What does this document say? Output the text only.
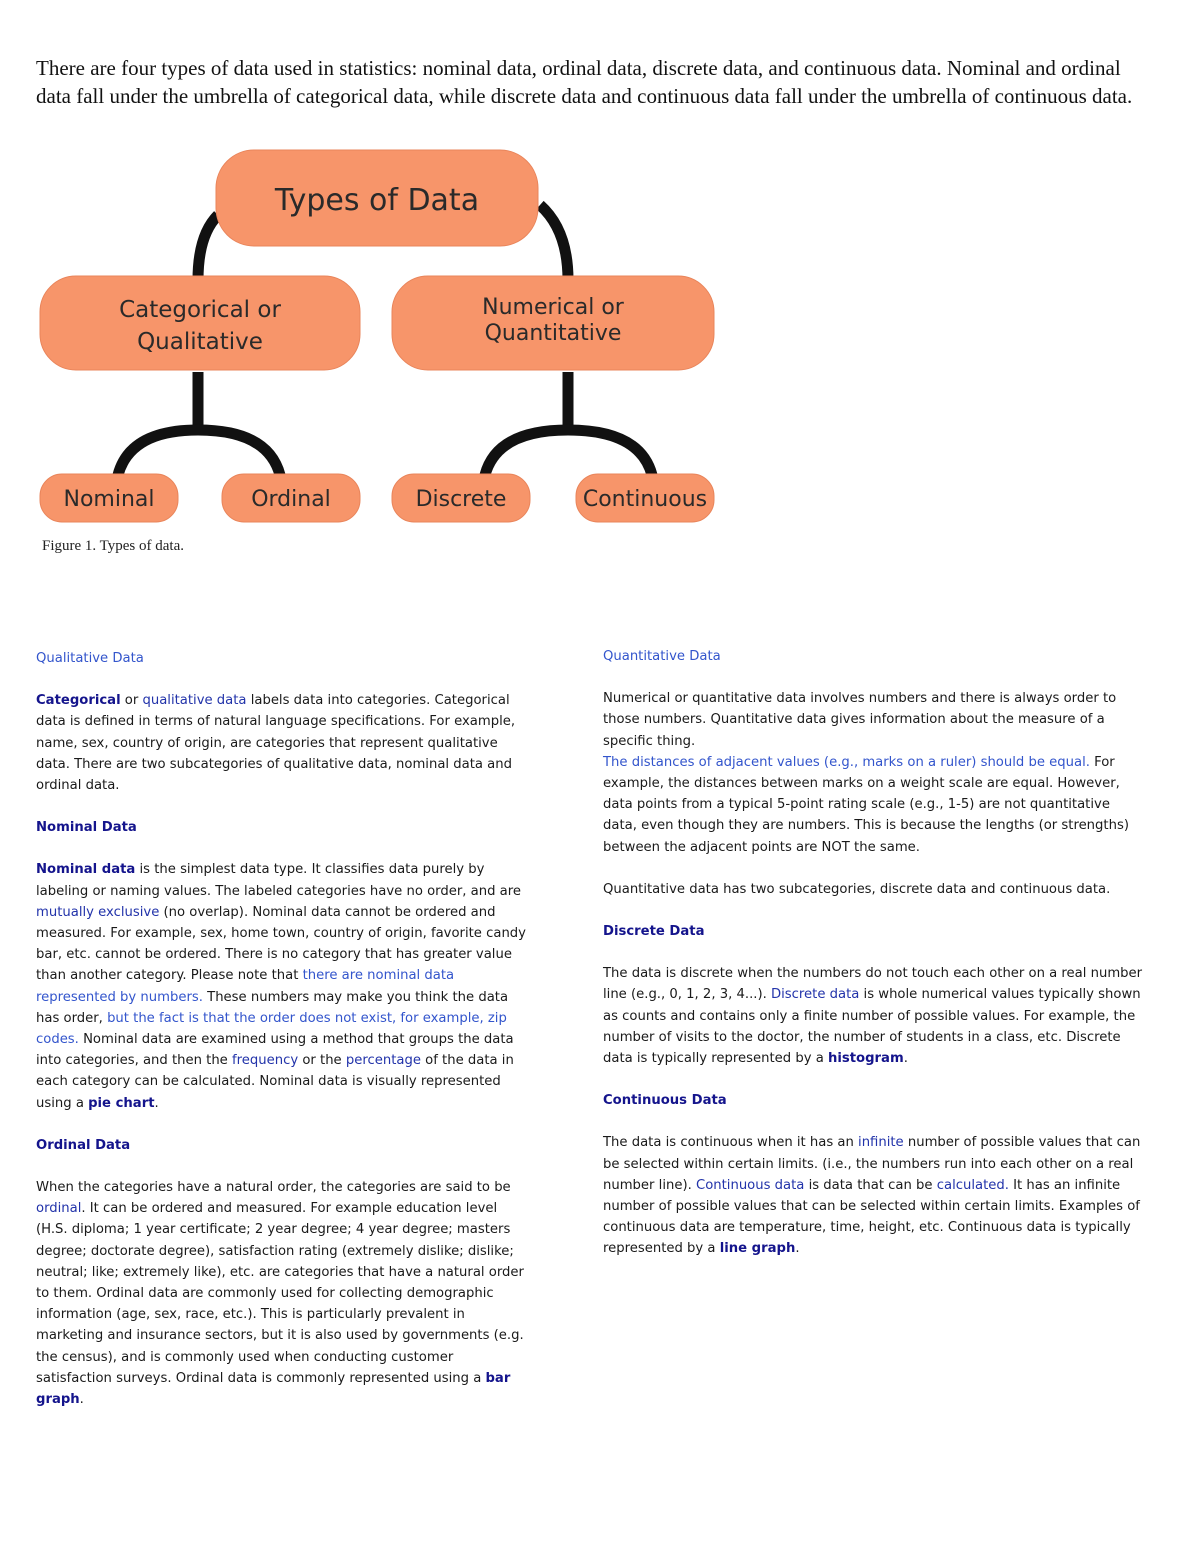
There are four types of data used in statistics: nominal data, ordinal data, discrete data, and continuous data. Nominal and ordinal data fall under the umbrella of categorical data, while discrete data and continuous data fall under the umbrella of continuous data.
Types of Data
Categorical or
Qualitative
Numerical or
Quantitative
Nominal	Ordinal	Discrete	Continuous
Figure 1. Types of data.

Qualitative Data

Categorical or qualitative data labels data into categories. Categorical data is defined in terms of natural language specifications. For example, name, sex, country of origin, are categories that represent qualitative data. There are two subcategories of qualitative data, nominal data and ordinal data.

Nominal Data

Nominal data is the simplest data type. It classifies data purely by labeling or naming values. The labeled categories have no order, and are mutually exclusive (no overlap). Nominal data cannot be ordered and measured. For example, sex, home town, country of origin, favorite candy bar, etc. cannot be ordered. There is no category that has greater value than another category. Please note that there are nominal data represented by numbers. These numbers may make you think the data has order, but the fact is that the order does not exist, for example, zip codes. Nominal data are examined using a method that groups the data into categories, and then the frequency or the percentage of the data in each category can be calculated. Nominal data is visually represented using a pie chart.

Ordinal Data

When the categories have a natural order, the categories are said to be ordinal. It can be ordered and measured. For example education level (H.S. diploma; 1 year certificate; 2 year degree; 4 year degree; masters degree; doctorate degree), satisfaction rating (extremely dislike; dislike; neutral; like; extremely like), etc. are categories that have a natural order to them. Ordinal data are commonly used for collecting demographic information (age, sex, race, etc.). This is particularly prevalent in marketing and insurance sectors, but it is also used by governments (e.g. the census), and is commonly used when conducting customer satisfaction surveys. Ordinal data is commonly represented using a bar graph.

Quantitative Data

Numerical or quantitative data involves numbers and there is always order to those numbers. Quantitative data gives information about the measure of a specific thing.

The distances of adjacent values (e.g., marks on a ruler) should be equal. For example, the distances between marks on a weight scale are equal. However, data points from a typical 5-point rating scale (e.g., 1-5) are not quantitative data, even though they are numbers. This is because the lengths (or strengths) between the adjacent points are NOT the same.

Quantitative data has two subcategories, discrete data and continuous data.

Discrete Data

The data is discrete when the numbers do not touch each other on a real number line (e.g., 0, 1, 2, 3, 4...). Discrete data is whole numerical values typically shown as counts and contains only a finite number of possible values. For example, the number of visits to the doctor, the number of students in a class, etc. Discrete data is typically represented by a histogram.

Continuous Data

The data is continuous when it has an infinite number of possible values that can be selected within certain limits. (i.e., the numbers run into each other on a real number line). Continuous data is data that can be calculated. It has an infinite number of possible values that can be selected within certain limits. Examples of continuous data are temperature, time, height, etc. Continuous data is typically represented by a line graph.
